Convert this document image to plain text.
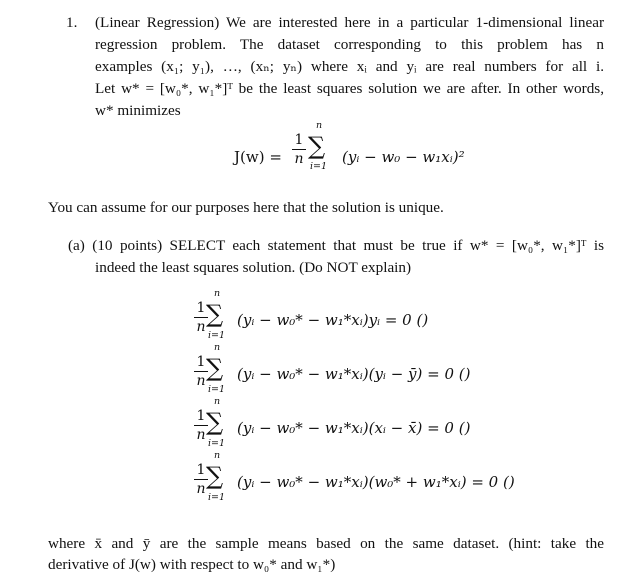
1. (Linear Regression) We are interested here in a particular 1-dimensional linear
regression problem. The dataset corresponding to this problem has n
examples (x₁; y₁), …, (xₙ; yₙ) where xᵢ and yᵢ are real numbers for all i.
Let w* = [w₀*, w₁*]ᵀ be the least squares solution we are after. In other words,
w* minimizes
J(w) =
1
n
n
∑
i=1
(yᵢ − w₀ − w₁xᵢ)²
You can assume for our purposes here that the solution is unique.
(a) (10 points) SELECT each statement that must be true if w* = [w₀*, w₁*]ᵀ is
indeed the least squares solution. (Do NOT explain)
1
n
n
∑
i=1
(yᵢ − w₀* − w₁*xᵢ)yᵢ = 0 ()
1
n
n
∑
i=1
(yᵢ − w₀* − w₁*xᵢ)(yᵢ − ȳ) = 0 ()
1
n
n
∑
i=1
(yᵢ − w₀* − w₁*xᵢ)(xᵢ − x̄) = 0 ()
1
n
n
∑
i=1
(yᵢ − w₀* − w₁*xᵢ)(w₀* + w₁*xᵢ) = 0 ()
where x̄ and ȳ are the sample means based on the same dataset. (hint: take the
derivative of J(w) with respect to w₀* and w₁*)
